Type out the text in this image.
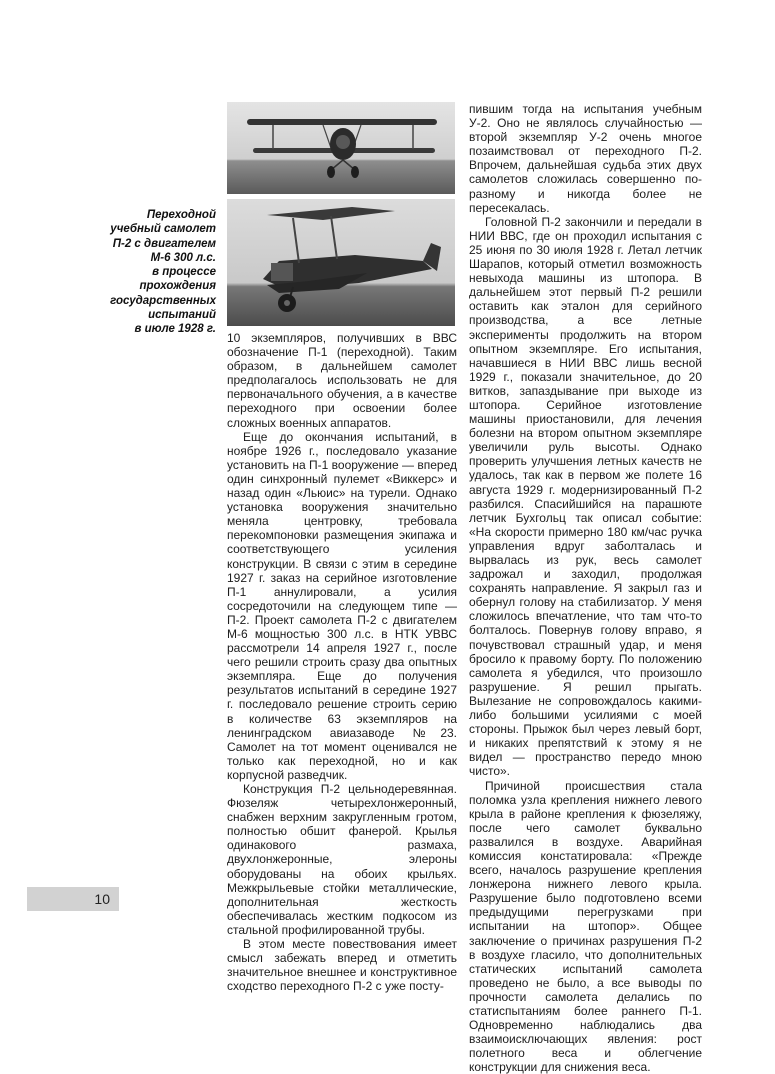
Переходной
учебный самолет
П-2 с двигателем
М-6 300 л.с.
в процессе
прохождения
государственных
испытаний
в июле 1928 г.

10 экземпляров, получивших в ВВС обозначение П-1 (переходной). Таким образом, в дальнейшем самолет предполагалось использовать не для первоначального обучения, а в качестве переходного при освоении более сложных военных аппаратов.

Еще до окончания испытаний, в ноябре 1926 г., последовало указание установить на П-1 вооружение — вперед один синхронный пулемет «Виккерс» и назад один «Льюис» на турели. Однако установка вооружения значительно меняла центровку, требовала перекомпоновки размещения экипажа и соответствующего усиления конструкции. В связи с этим в середине 1927 г. заказ на серийное изготовление П-1 аннулировали, а усилия сосредоточили на следующем типе — П-2. Проект самолета П-2 с двигателем М-6 мощностью 300 л.с. в НТК УВВС рассмотрели 14 апреля 1927 г., после чего решили строить сразу два опытных экземпляра. Еще до получения результатов испытаний в середине 1927 г. последовало решение строить серию в количестве 63 экземпляров на ленинградском авиазаводе №23. Самолет на тот момент оценивался не только как переходной, но и как корпусной разведчик.

Конструкция П-2 цельнодеревянная. Фюзеляж четырехлонжеронный, снабжен верхним закругленным гротом, полностью обшит фанерой. Крылья одинакового размаха, двухлонжеронные, элероны оборудованы на обоих крыльях. Межкрыльевые стойки металлические, дополнительная жесткость обеспечивалась жестким подкосом из стальной профилированной трубы.

В этом месте повествования имеет смысл забежать вперед и отметить значительное внешнее и конструктивное сходство переходного П-2 с уже посту-

пившим тогда на испытания учебным У-2. Оно не являлось случайностью — второй экземпляр У-2 очень многое позаимствовал от переходного П-2. Впрочем, дальнейшая судьба этих двух самолетов сложилась совершенно по-разному и никогда более не пересекалась.

Головной П-2 закончили и передали в НИИ ВВС, где он проходил испытания с 25 июня по 30 июля 1928 г. Летал летчик Шарапов, который отметил возможность невыхода машины из штопора. В дальнейшем этот первый П-2 решили оставить как эталон для серийного производства, а все летные эксперименты продолжить на втором опытном экземпляре. Его испытания, начавшиеся в НИИ ВВС лишь весной 1929 г., показали значительное, до 20 витков, запаздывание при выходе из штопора. Серийное изготовление машины приостановили, для лечения болезни на втором опытном экземпляре увеличили руль высоты. Однако проверить улучшения летных качеств не удалось, так как в первом же полете 16 августа 1929 г. модернизированный П-2 разбился. Спасийшийся на парашюте летчик Бухгольц так описал событие: «На скорости примерно 180 км/час ручка управления вдруг заболталась и вырвалась из рук, весь самолет задрожал и заходил, продолжая сохранять направление. Я закрыл газ и обернул голову на стабилизатор. У меня сложилось впечатление, что там что-то болталось. Повернув голову вправо, я почувствовал страшный удар, и меня бросило к правому борту. По положению самолета я убедился, что произошло разрушение. Я решил прыгать. Вылезание не сопровождалось какими-либо большими усилиями с моей стороны. Прыжок был через левый борт, и никаких препятствий к этому я не видел — пространство передо мною чисто».

Причиной происшествия стала поломка узла крепления нижнего левого крыла в районе крепления к фюзеляжу, после чего самолет буквально развалился в воздухе. Аварийная комиссия констатировала: «Прежде всего, началось разрушение крепления лонжерона нижнего левого крыла. Разрушение было подготовлено всеми предыдущими перегрузками при испытании на штопор». Общее заключение о причинах разрушения П-2 в воздухе гласило, что дополнительных статических испытаний самолета проведено не было, а все выводы по прочности самолета делались по статиспытаниям более раннего П-1. Одновременно наблюдались два взаимоисключающих явления: рост полетного веса и облегчение конструкции для снижения веса.

10
